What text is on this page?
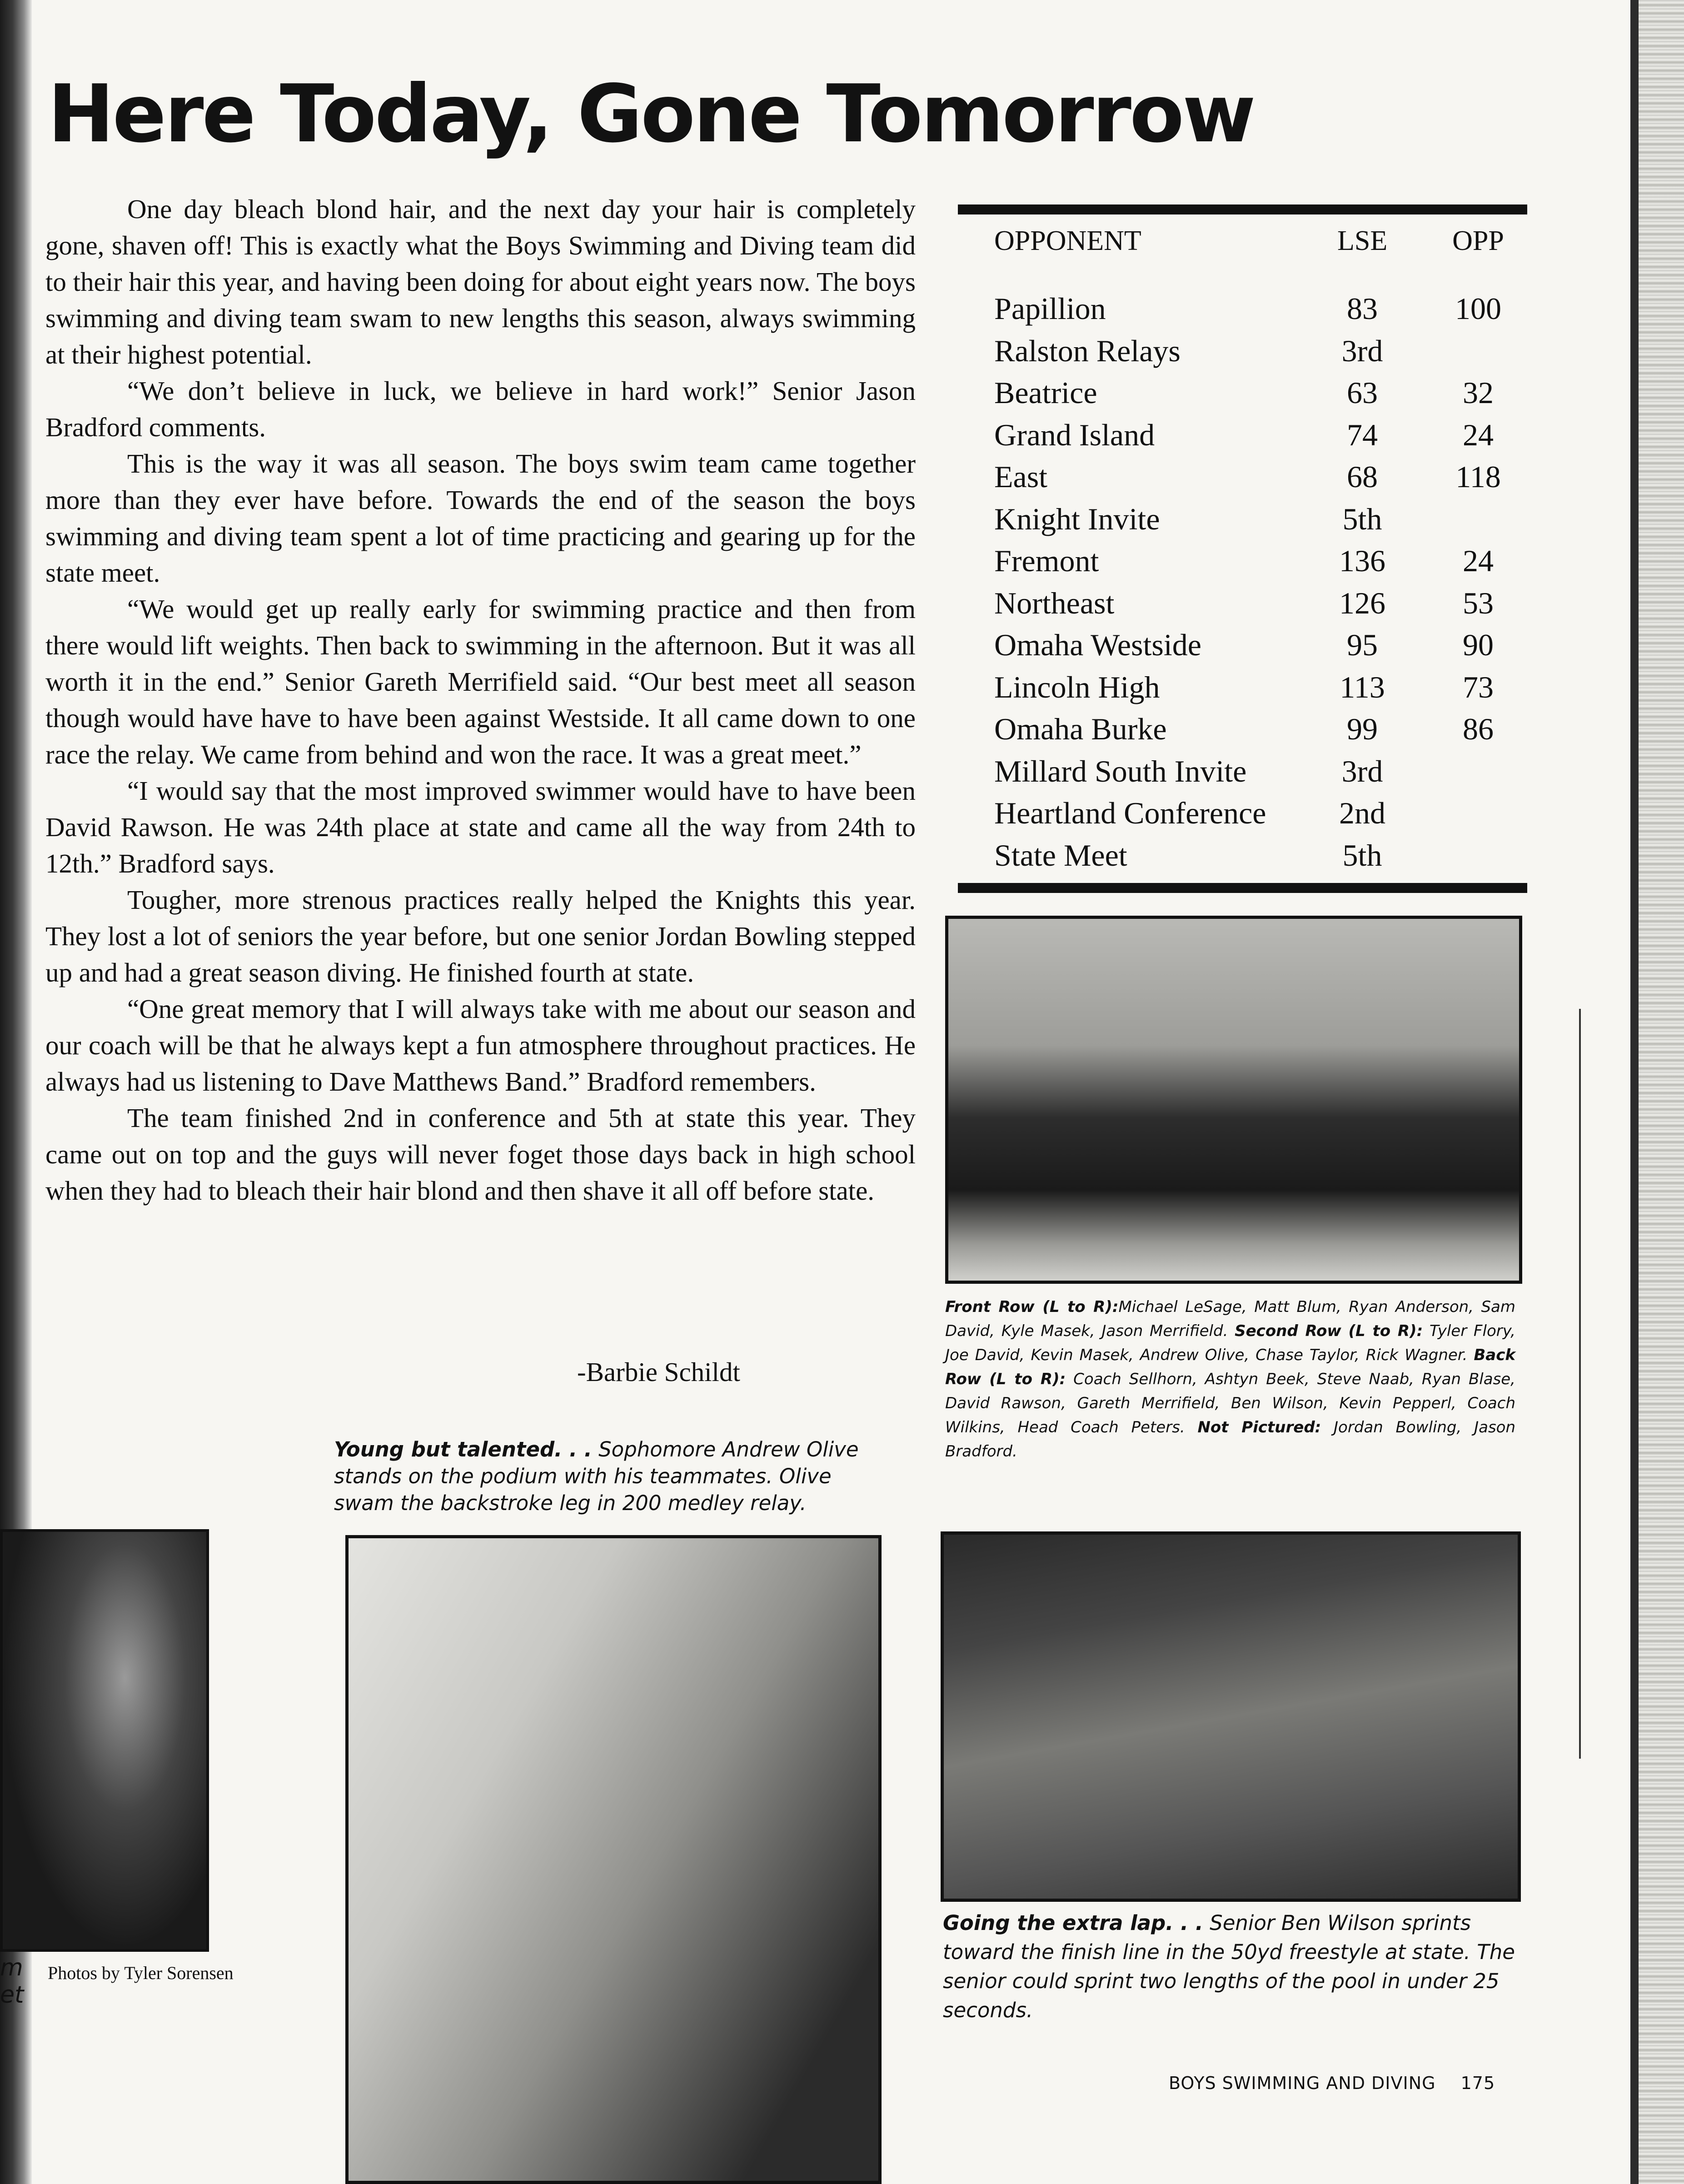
Here Today, Gone Tomorrow

One day bleach blond hair, and the next day your hair is completely gone, shaven off! This is exactly what the Boys Swimming and Diving team did to their hair this year, and having been doing for about eight years now. The boys swimming and diving team swam to new lengths this season, always swimming at their highest potential.

“We don’t believe in luck, we believe in hard work!” Senior Jason Bradford comments.

This is the way it was all season. The boys swim team came together more than they ever have before. Towards the end of the season the boys swimming and diving team spent a lot of time practicing and gearing up for the state meet.

“We would get up really early for swimming practice and then from there would lift weights. Then back to swimming in the afternoon. But it was all worth it in the end.” Senior Gareth Merrifield said. “Our best meet all season though would have have to have been against Westside. It all came down to one race the relay. We came from behind and won the race. It was a great meet.”

“I would say that the most improved swimmer would have to have been David Rawson. He was 24th place at state and came all the way from 24th to 12th.” Bradford says.

Tougher, more strenous practices really helped the Knights this year. They lost a lot of seniors the year before, but one senior Jordan Bowling stepped up and had a great season diving. He finished fourth at state.

“One great memory that I will always take with me about our season and our coach will be that he always kept a fun atmosphere throughout practices. He always had us listening to Dave Matthews Band.” Bradford remembers.

The team finished 2nd in conference and 5th at state this year. They came out on top and the guys will never foget those days back in high school when they had to bleach their hair blond and then shave it all off before state.

-Barbie Schildt
m
et
Photos by Tyler Sorensen
OPPONENT	LSE OPP
Papillion	83	100
Ralston Relays	3rd
Beatrice	63	32
Grand Island	74	24
East	68	118
Knight Invite	5th
Fremont	136	24
Northeast	126	53
Omaha Westside	95	90
Lincoln High	113	73
Omaha Burke	99	86
Millard South Invite	3rd
Heartland Conference 2nd
State Meet	5th
Front Row (L to R):Michael LeSage, Matt Blum, Ryan Anderson, Sam David, Kyle Masek, Jason Merrifield. Second Row (L to R): Tyler Flory, Joe David, Kevin Masek, Andrew Olive, Chase Taylor, Rick Wagner. Back Row (L to R): Coach Sellhorn, Ashtyn Beek, Steve Naab, Ryan Blase, David Rawson, Gareth Merrifield, Ben Wilson, Kevin Pepperl, Coach Wilkins, Head Coach Peters. Not Pictured: Jordan Bowling, Jason Bradford.
Young but talented. . . Sophomore Andrew Olive stands on the podium with his teammates. Olive swam the backstroke leg in 200 medley relay.
Going the extra lap. . . Senior Ben Wilson sprints toward the finish line in the 50yd freestyle at state. The senior could sprint two lengths of the pool in under 25 seconds.
BOYS SWIMMING AND DIVING 175
